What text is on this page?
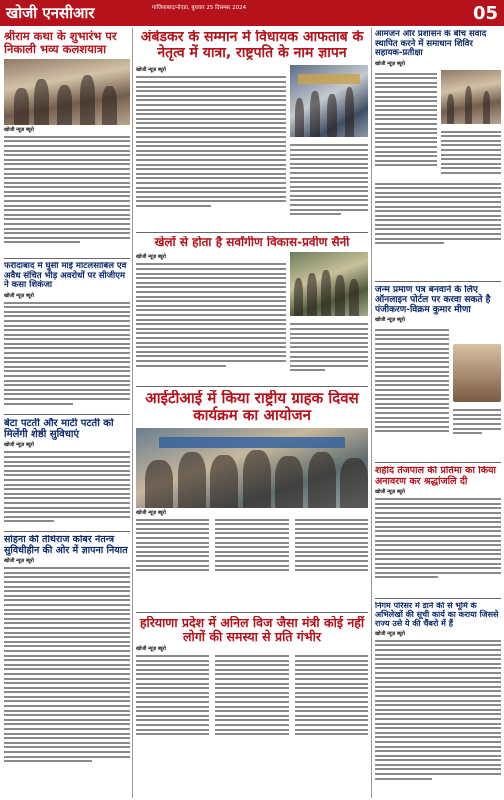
खोजी एनसीआर	गाजियाबाद/नोएडा, बुधवार 25 दिसम्बर 2024	05
श्रीराम कथा के शुभारंभ पर निकाली भव्य कलशयात्रा
खोजी न्यूज़ ब्यूरो
फरीदाबाद में घुसी माई मांटलसाबिल एवं अवैध संचित भीड़ अवरोधों पर सीजीएम ने कसा शिकंजा
खोजी न्यूज़ ब्यूरो
बेटा पटती और माटी पटती को मिलेंगी शेष्ठी सुविधाएं
खोजी न्यूज़ ब्यूरो
सोहना की तीर्थराज कोंबर नेतन्त्र सुविधीहीन की ओर में ज्ञापना नियात
खोजी न्यूज़ ब्यूरो
अंबेडकर के सम्मान में विधायक आफताब के नेतृत्व में यात्रा, राष्ट्रपति के नाम ज्ञापन
खोजी न्यूज़ ब्यूरो
खेलों से होता है सर्वांगीण विकास-प्रवीण सैनी
खोजी न्यूज़ ब्यूरो
आईटीआई में किया राष्ट्रीय ग्राहक दिवस कार्यक्रम का आयोजन
खोजी न्यूज़ ब्यूरो
हरियाणा प्रदेश में अनिल विज जैसा मंत्री कोई नहीं लोगों की समस्या से प्रति गंभीर
खोजी न्यूज़ ब्यूरो
आमजन और प्रशासन के बीच संवाद स्थापित करने में समाधान शिविर सहायक-प्रतीक्षा
खोजी न्यूज़ ब्यूरो
जन्म प्रमाण पत्र बनवाने के लिए ऑनलाइन पोर्टल पर करवा सकते है पंजीकरण-विक्रम कुमार मीणा
खोजी न्यूज़ ब्यूरो
शहीद तेजपाल की प्रतिमा का किया अनावरण कर श्रद्धांजलि दी
खोजी न्यूज़ ब्यूरो
निगम परिसर में डाने की से भूमि के अभिलेखों की सूची कार्य का कराया जिससे राज्य उसे ये की चैंबरो में हैं
खोजी न्यूज़ ब्यूरो
